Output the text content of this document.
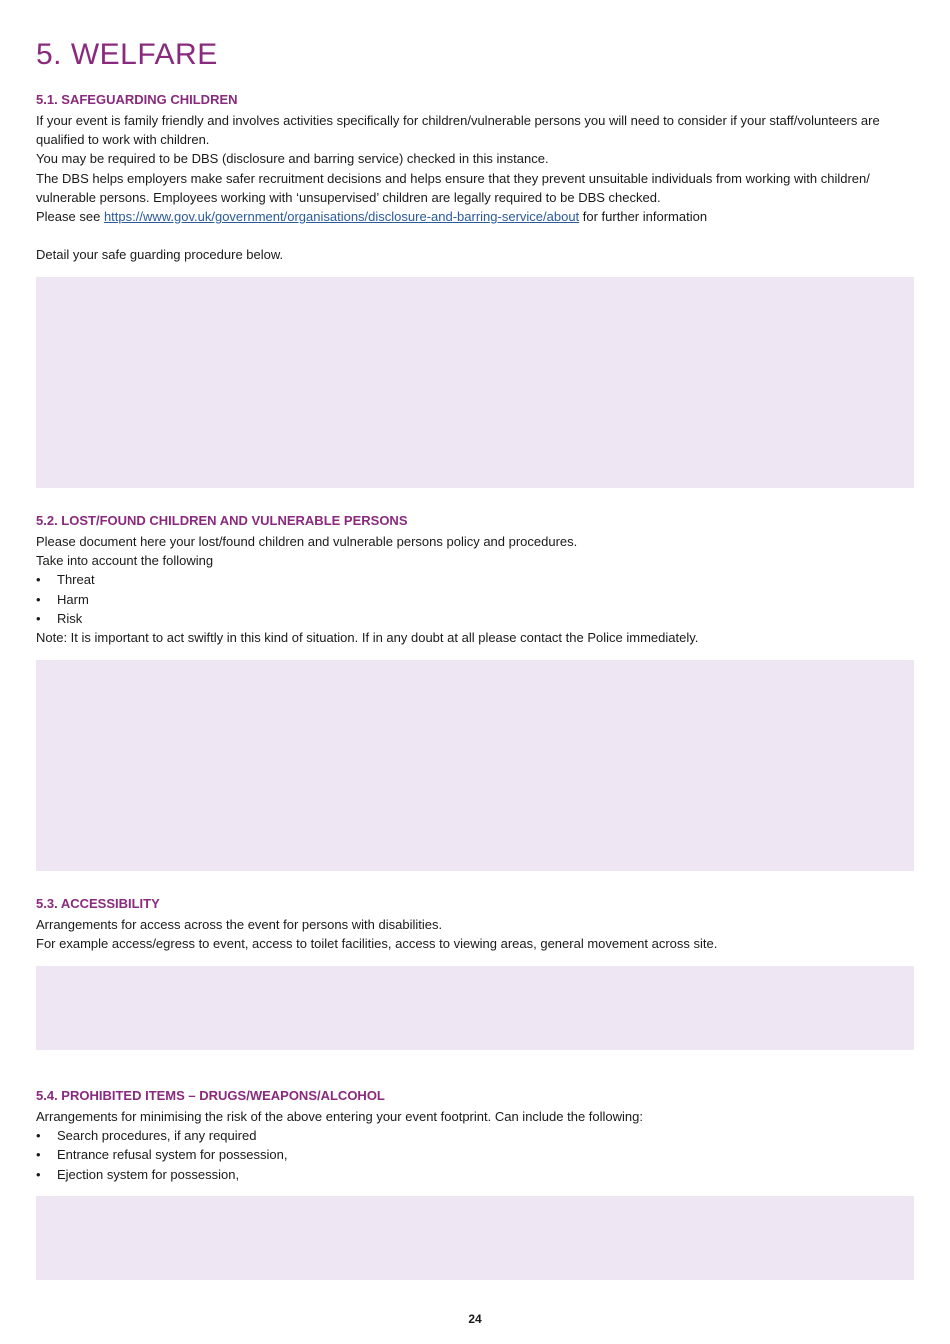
5. WELFARE
5.1. SAFEGUARDING CHILDREN

If your event is family friendly and involves activities specifically for children/vulnerable persons you will need to consider if your staff/volunteers are qualified to work with children.

You may be required to be DBS (disclosure and barring service) checked in this instance.

The DBS helps employers make safer recruitment decisions and helps ensure that they prevent unsuitable individuals from working with children/ vulnerable persons. Employees working with ‘unsupervised’ children are legally required to be DBS checked.

Please see https://www.gov.uk/government/organisations/disclosure-and-barring-service/about for further information

Detail your safe guarding procedure below.

5.2. LOST/FOUND CHILDREN AND VULNERABLE PERSONS

Please document here your lost/found children and vulnerable persons policy and procedures.

Take into account the following

• Threat
• Harm
• Risk

Note: It is important to act swiftly in this kind of situation. If in any doubt at all please contact the Police immediately.

5.3. ACCESSIBILITY

Arrangements for access across the event for persons with disabilities.

For example access/egress to event, access to toilet facilities, access to viewing areas, general movement across site.

5.4. PROHIBITED ITEMS – DRUGS/WEAPONS/ALCOHOL

Arrangements for minimising the risk of the above entering your event footprint. Can include the following:

• Search procedures, if any required
• Entrance refusal system for possession,
• Ejection system for possession,
24
